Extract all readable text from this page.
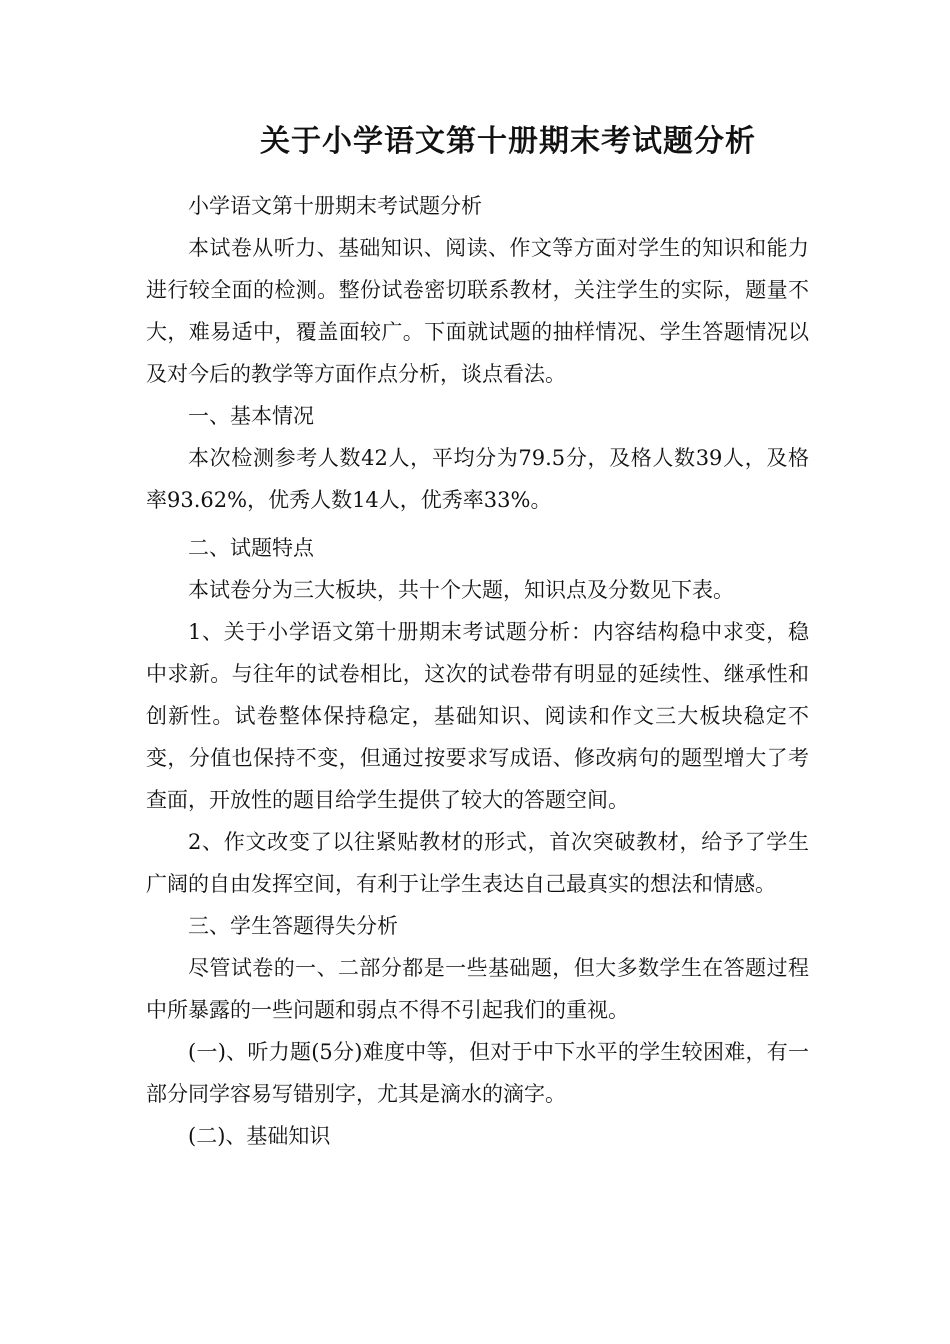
关于小学语文第十册期末考试题分析

小学语文第十册期末考试题分析

本试卷从听力、基础知识、阅读、作文等方面对学生的知识和能力进行较全面的检测。整份试卷密切联系教材，关注学生的实际，题量不大，难易适中，覆盖面较广。下面就试题的抽样情况、学生答题情况以及对今后的教学等方面作点分析，谈点看法。

一、基本情况

本次检测参考人数42人，平均分为79.5分，及格人数39人，及格率93.62%，优秀人数14人，优秀率33%。

二、试题特点

本试卷分为三大板块，共十个大题，知识点及分数见下表。

1、关于小学语文第十册期末考试题分析：内容结构稳中求变，稳中求新。与往年的试卷相比，这次的试卷带有明显的延续性、继承性和创新性。试卷整体保持稳定，基础知识、阅读和作文三大板块稳定不变，分值也保持不变，但通过按要求写成语、修改病句的题型增大了考查面，开放性的题目给学生提供了较大的答题空间。

2、作文改变了以往紧贴教材的形式，首次突破教材，给予了学生广阔的自由发挥空间，有利于让学生表达自己最真实的想法和情感。

三、学生答题得失分析

尽管试卷的一、二部分都是一些基础题，但大多数学生在答题过程中所暴露的一些问题和弱点不得不引起我们的重视。

(一)、听力题(5分)难度中等，但对于中下水平的学生较困难，有一部分同学容易写错别字，尤其是滴水的滴字。

(二)、基础知识
